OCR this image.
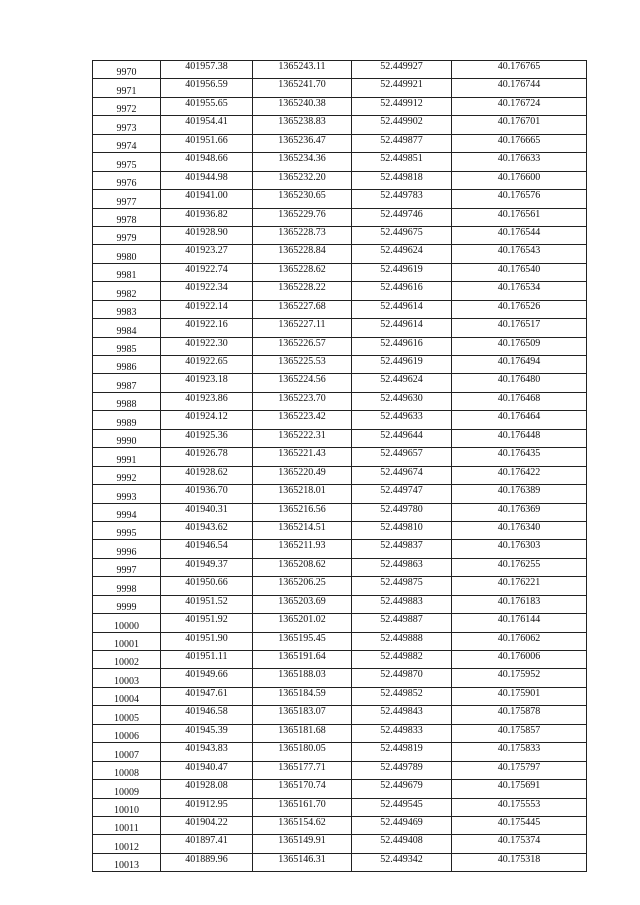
9970	401957.38	1365243.11	52.449927	40.176765
9971	401956.59	1365241.70	52.449921	40.176744
9972	401955.65	1365240.38	52.449912	40.176724
9973	401954.41	1365238.83	52.449902	40.176701
9974	401951.66	1365236.47	52.449877	40.176665
9975	401948.66	1365234.36	52.449851	40.176633
9976	401944.98	1365232.20	52.449818	40.176600
9977	401941.00	1365230.65	52.449783	40.176576
9978	401936.82	1365229.76	52.449746	40.176561
9979	401928.90	1365228.73	52.449675	40.176544
9980	401923.27	1365228.84	52.449624	40.176543
9981	401922.74	1365228.62	52.449619	40.176540
9982	401922.34	1365228.22	52.449616	40.176534
9983	401922.14	1365227.68	52.449614	40.176526
9984	401922.16	1365227.11	52.449614	40.176517
9985	401922.30	1365226.57	52.449616	40.176509
9986	401922.65	1365225.53	52.449619	40.176494
9987	401923.18	1365224.56	52.449624	40.176480
9988	401923.86	1365223.70	52.449630	40.176468
9989	401924.12	1365223.42	52.449633	40.176464
9990	401925.36	1365222.31	52.449644	40.176448
9991	401926.78	1365221.43	52.449657	40.176435
9992	401928.62	1365220.49	52.449674	40.176422
9993	401936.70	1365218.01	52.449747	40.176389
9994	401940.31	1365216.56	52.449780	40.176369
9995	401943.62	1365214.51	52.449810	40.176340
9996	401946.54	1365211.93	52.449837	40.176303
9997	401949.37	1365208.62	52.449863	40.176255
9998	401950.66	1365206.25	52.449875	40.176221
9999	401951.52	1365203.69	52.449883	40.176183
10000	401951.92	1365201.02	52.449887	40.176144
10001	401951.90	1365195.45	52.449888	40.176062
10002	401951.11	1365191.64	52.449882	40.176006
10003	401949.66	1365188.03	52.449870	40.175952
10004	401947.61	1365184.59	52.449852	40.175901
10005	401946.58	1365183.07	52.449843	40.175878
10006	401945.39	1365181.68	52.449833	40.175857
10007	401943.83	1365180.05	52.449819	40.175833
10008	401940.47	1365177.71	52.449789	40.175797
10009	401928.08	1365170.74	52.449679	40.175691
10010	401912.95	1365161.70	52.449545	40.175553
10011	401904.22	1365154.62	52.449469	40.175445
10012	401897.41	1365149.91	52.449408	40.175374
10013	401889.96	1365146.31	52.449342	40.175318
